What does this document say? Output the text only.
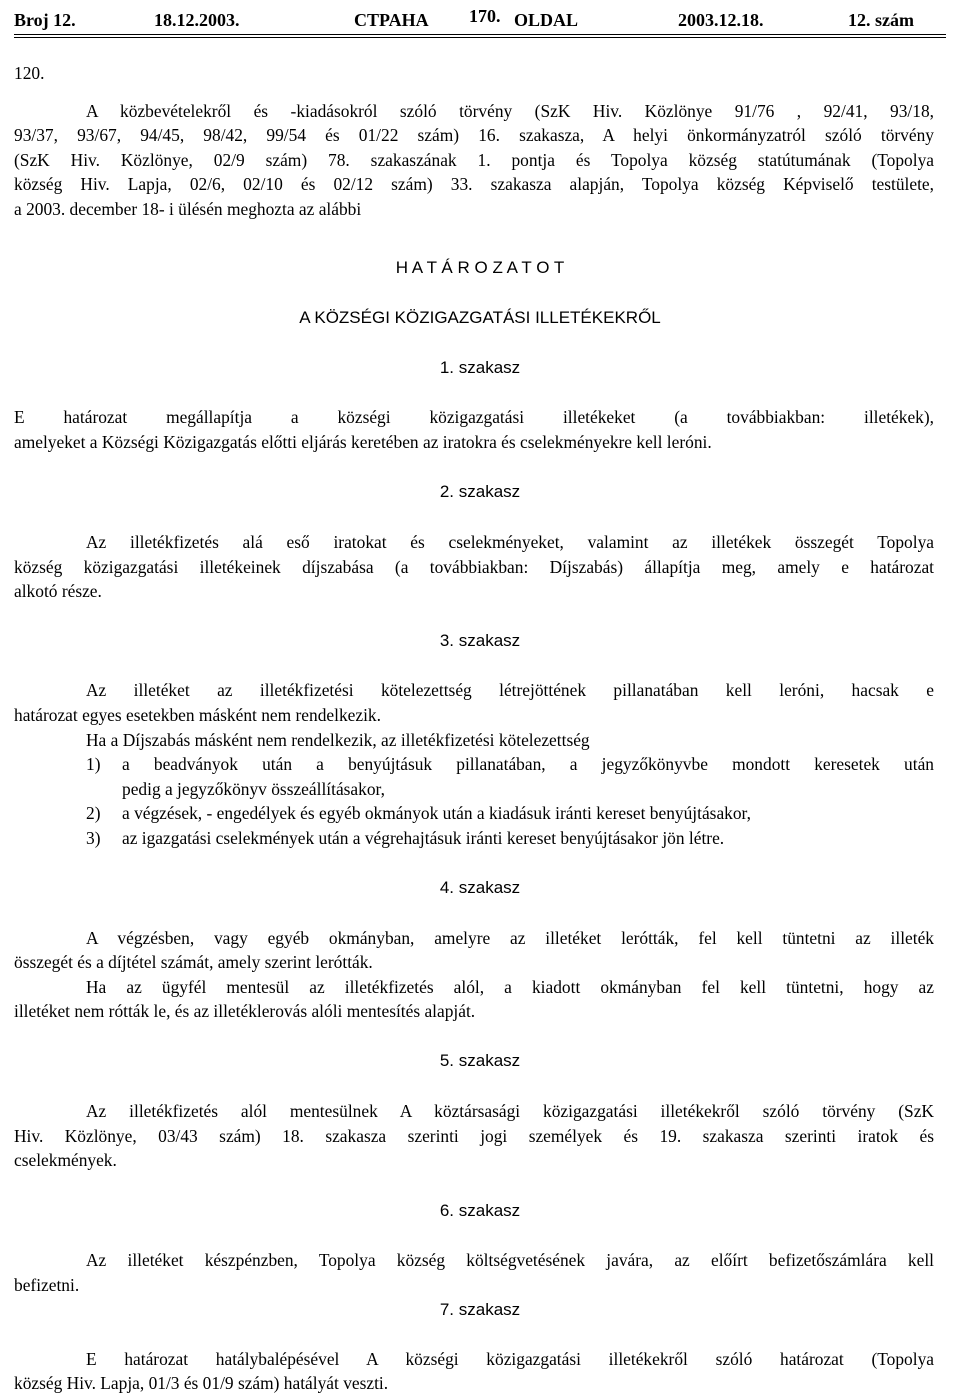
Broj 12.	18.12.2003.	CTPAHA 170. OLDAL	2003.12.18.	12. szám
120.
A közbevételekről és -kiadásokról szóló törvény (SzK Hiv. Közlönye 91/76 , 92/41, 93/18,
93/37, 93/67, 94/45, 98/42, 99/54 és 01/22 szám) 16. szakasza, A helyi önkormányzatról szóló törvény
(SzK Hiv. Közlönye, 02/9 szám) 78. szakaszának 1. pontja és Topolya község statútumának (Topolya
község Hiv. Lapja, 02/6, 02/10 és 02/12 szám) 33. szakasza alapján, Topolya község Képviselő testülete,
a 2003. december 18- i ülésén meghozta az alábbi
H A T Á R O Z A T O T
A KÖZSÉGI KÖZIGAZGATÁSI ILLETÉKEKRŐL
1. szakasz
E határozat megállapítja a községi közigazgatási illetékeket (a továbbiakban: illetékek),
amelyeket a Községi Közigazgatás előtti eljárás keretében az iratokra és cselekményekre kell leróni.
2. szakasz
Az illetékfizetés alá eső iratokat és cselekményeket, valamint az illetékek összegét Topolya
község közigazgatási illetékeinek díjszabása (a továbbiakban: Díjszabás) állapítja meg, amely e határozat
alkotó része.
3. szakasz
Az illetéket az illetékfizetési kötelezettség létrejöttének pillanatában kell leróni, hacsak e
határozat egyes esetekben másként nem rendelkezik.
Ha a Díjszabás másként nem rendelkezik, az illetékfizetési kötelezettség
1) a beadványok után a benyújtásuk pillanatában, a jegyzőkönyvbe mondott keresetek után
pedig a jegyzőkönyv összeállításakor,
2) a végzések, - engedélyek és egyéb okmányok után a kiadásuk iránti kereset benyújtásakor,
3) az igazgatási cselekmények után a végrehajtásuk iránti kereset benyújtásakor jön létre.
4. szakasz
A végzésben, vagy egyéb okmányban, amelyre az illetéket lerótták, fel kell tüntetni az illeték
összegét és a díjtétel számát, amely szerint lerótták.
Ha az ügyfél mentesül az illetékfizetés alól, a kiadott okmányban fel kell tüntetni, hogy az
illetéket nem rótták le, és az illetéklerovás alóli mentesítés alapját.
5. szakasz
Az illetékfizetés alól mentesülnek A köztársasági közigazgatási illetékekről szóló törvény (SzK
Hiv. Közlönye, 03/43 szám) 18. szakasza szerinti jogi személyek és 19. szakasza szerinti iratok és
cselekmények.
6. szakasz
Az illetéket készpénzben, Topolya község költségvetésének javára, az előírt befizetőszámlára kell
befizetni.
7. szakasz
E határozat hatálybalépésével A községi közigazgatási illetékekről szóló határozat (Topolya
község Hiv. Lapja, 01/3 és 01/9 szám) hatályát veszti.
